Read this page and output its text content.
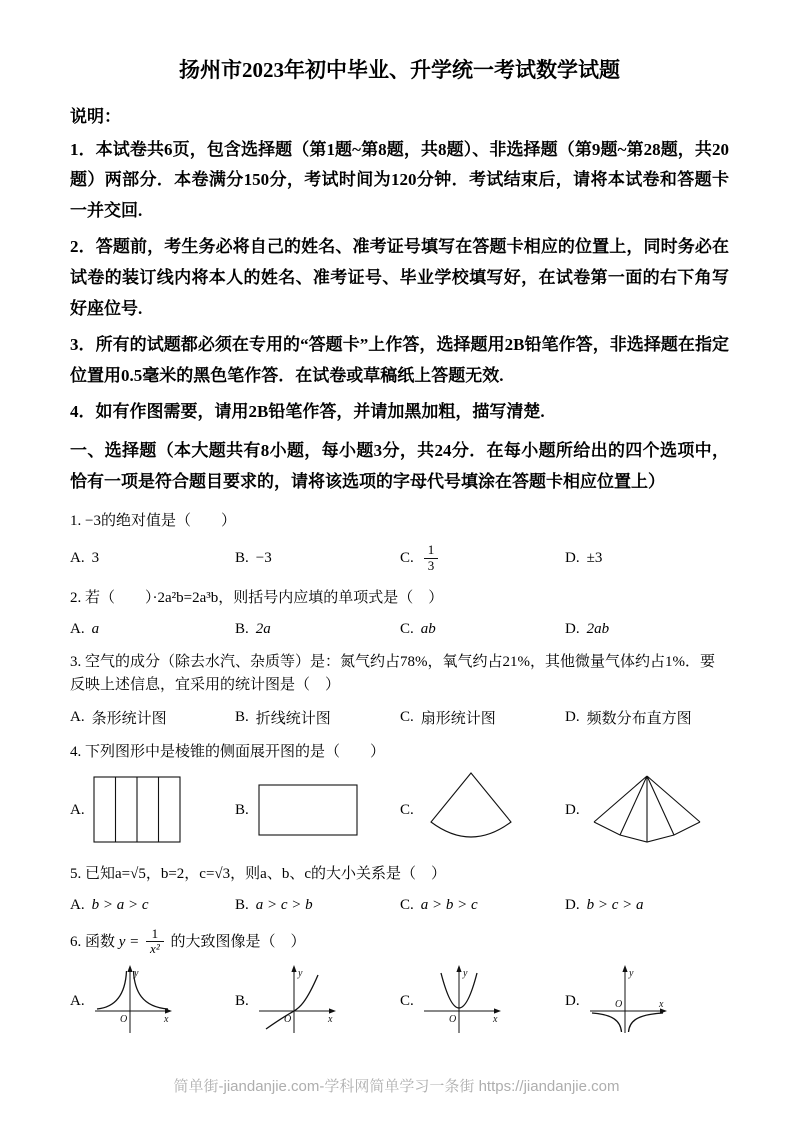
扬州市2023年初中毕业、升学统一考试数学试题

说明：

1．本试卷共6页，包含选择题（第1题~第8题，共8题）、非选择题（第9题~第28题，共20题）两部分．本卷满分150分，考试时间为120分钟．考试结束后，请将本试卷和答题卡一并交回.

2．答题前，考生务必将自己的姓名、准考证号填写在答题卡相应的位置上，同时务必在试卷的装订线内将本人的姓名、准考证号、毕业学校填写好，在试卷第一面的右下角写好座位号.

3．所有的试题都必须在专用的“答题卡”上作答，选择题用2B铅笔作答，非选择题在指定位置用0.5毫米的黑色笔作答．在试卷或草稿纸上答题无效.

4．如有作图需要，请用2B铅笔作答，并请加黑加粗，描写清楚.

一、选择题（本大题共有8小题，每小题3分，共24分．在每小题所给出的四个选项中，恰有一项是符合题目要求的，请将该选项的字母代号填涂在答题卡相应位置上）

1. −3的绝对值是（　　）

A. 3	B. −3	C. $\frac{1}{3}$	D. ±3

2. 若（　　）·2a²b=2a³b，则括号内应填的单项式是（　）

A. a	B. 2a	C. ab	D. 2ab

3. 空气的成分（除去水汽、杂质等）是：氮气约占78%，氧气约占21%，其他微量气体约占1%．要反映上述信息，宜采用的统计图是（　）

A. 条形统计图	B. 折线统计图	C. 扇形统计图	D. 频数分布直方图

4. 下列图形中是棱锥的侧面展开图的是（　　）

A.	B.	C.	D.

5. 已知a=√5，b=2，c=√3，则a、b、c的大小关系是（　）

A. b > a > c	B. a > c > b	C. a > b > c	D. b > c > a

6. 函数 $y = \frac{1}{\text{x²}}$ 的大致图像是（　）

A.
x
y
O
B.
x
y
O
C.
x
y
O
D.	x
y
O

简单街-jiandanjie.com-学科网简单学习一条街 https://jiandanjie.com
